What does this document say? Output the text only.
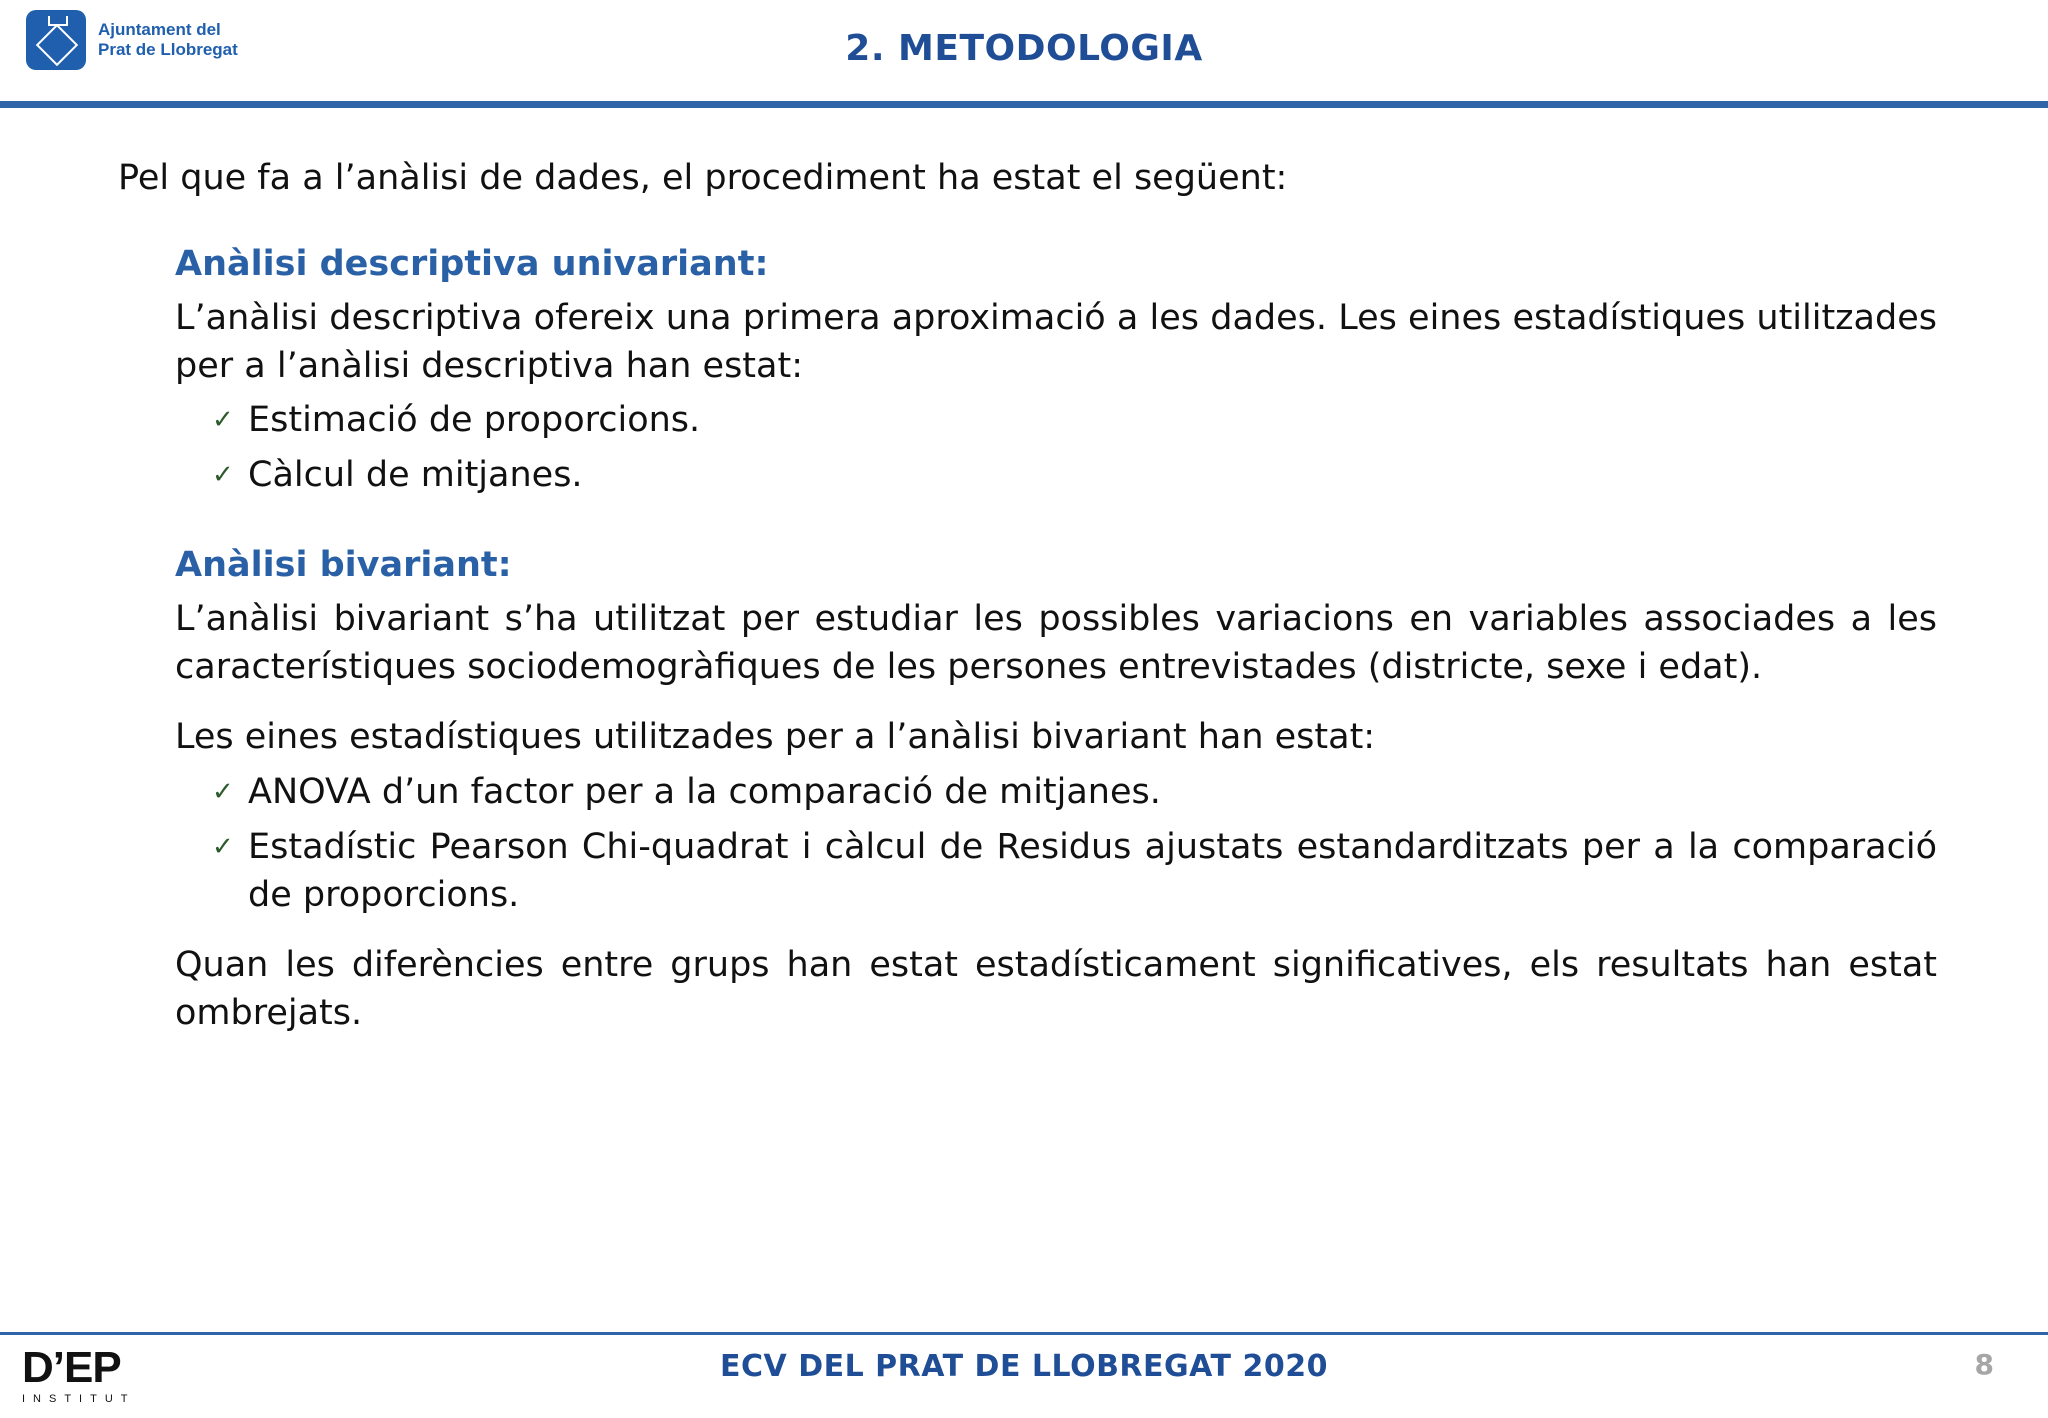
Ajuntament del
Prat de Llobregat	2. METODOLOGIA
Pel que fa a l’anàlisi de dades, el procediment ha estat el següent:
Anàlisi descriptiva univariant:

L’anàlisi descriptiva ofereix una primera aproximació a les dades. Les eines estadístiques utilitzades per a l’anàlisi descriptiva han estat:

✓ Estimació de proporcions.
✓ Càlcul de mitjanes.
Anàlisi bivariant:

L’anàlisi bivariant s’ha utilitzat per estudiar les possibles variacions en variables associades a les característiques sociodemogràfiques de les persones entrevistades (districte, sexe i edat).

Les eines estadístiques utilitzades per a l’anàlisi bivariant han estat:

✓ ANOVA d’un factor per a la comparació de mitjanes.
✓ Estadístic Pearson Chi-quadrat i càlcul de Residus ajustats estandarditzats per a la comparació de proporcions.

Quan les diferències entre grups han estat estadísticament significatives, els resultats han estat ombrejats.

D’EP
INSTITUT
ECV DEL PRAT DE LLOBREGAT 2020	8
